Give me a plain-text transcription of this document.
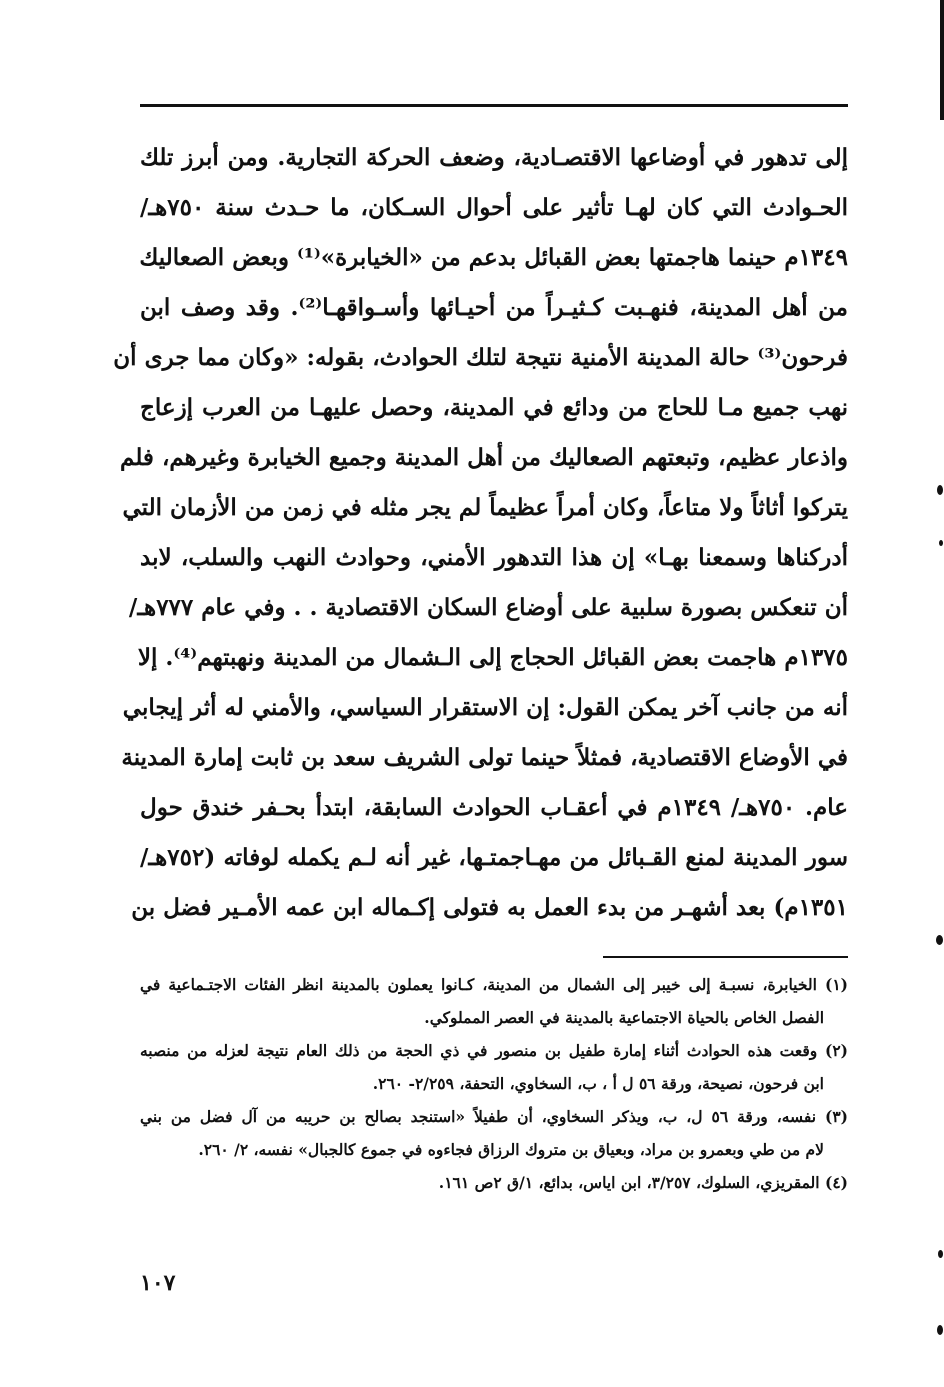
إلى تدهور في أوضاعها الاقتصـادية، وضعف الحركة التجارية. ومن أبرز تلك
الحـوادث التي كان لهـا تأثير على أحوال السـكان، ما حـدث سنة ٧٥٠هـ/
١٣٤٩م حينما هاجمتها بعض القبائل بدعم من «الخيابرة»⁽¹⁾ وبعض الصعاليك
من أهل المدينة، فنهـبت كـثيـراً من أحيـائها وأسـواقهـا⁽²⁾. وقد وصف ابن
فرحون⁽³⁾ حالة المدينة الأمنية نتيجة لتلك الحوادث، بقوله: «وكان مما جرى أن
نهب جميع مـا للحاج من ودائع في المدينة، وحصل عليهـا من العرب إزعاج
واذعار عظيم، وتبعتهم الصعاليك من أهل المدينة وجميع الخيابرة وغيرهم، فلم
يتركوا أثاثاً ولا متاعاً، وكان أمراً عظيماً لم يجر مثله في زمن من الأزمان التي
أدركناها وسمعنا بهـا» إن هذا التدهور الأمني، وحوادث النهب والسلب، لابد
أن تنعكس بصورة سلبية على أوضاع السكان الاقتصادية . . وفي عام ٧٧٧هـ/
١٣٧٥م هاجمت بعض القبائل الحجاج إلى الـشمال من المدينة ونهبتهم⁽⁴⁾. إلا
أنه من جانب آخر يمكن القول: إن الاستقرار السياسي، والأمني له أثر إيجابي
في الأوضاع الاقتصادية، فمثلاً حينما تولى الشريف سعد بن ثابت إمارة المدينة
عام. ٧٥٠هـ/ ١٣٤٩م في أعقـاب الحوادث السابقة، ابتدأ بحـفر خندق حول
سور المدينة لمنع القـبائل من مهـاجمتـها، غير أنه لـم يكمله لوفاته (٧٥٢هـ/
١٣٥١م) بعد أشهـر من بدء العمل به فتولى إكـماله ابن عمه الأمـير فضل بن
(١) الخيابرة، نسبـة إلى خيبر إلى الشمال من المدينة، كـانوا يعملون بالمدينة انظر الفئات الاجتـماعية في
الفصل الخاص بالحياة الاجتماعية بالمدينة في العصر المملوكي.
(٢) وقعت هذه الحوادث أثناء إمارة طفيل بن منصور في ذي الحجة من ذلك العام نتيجة لعزله من منصبه
ابن فرحون، نصيحة، ورقة ٥٦ ل أ ، ب، السخاوي، التحفة، ٢/٢٥٩- ٢٦٠.
(٣) نفسه، ورقة ٥٦ ل، ب، ويذكر السخاوي، أن طفيلاً «استنجد بصالح بن حريبه من آل فضل من بني
لام من طي وبعمرو بن مراد، وبعياق بن متروك الرزاق فجاءوه في جموع كالجبال» نفسه، ٢/ ٢٦٠.
(٤) المقريزي، السلوك، ٣/٢٥٧، ابن اياس، بدائع، ١/ق ٢ص ١٦١.
١٠٧
